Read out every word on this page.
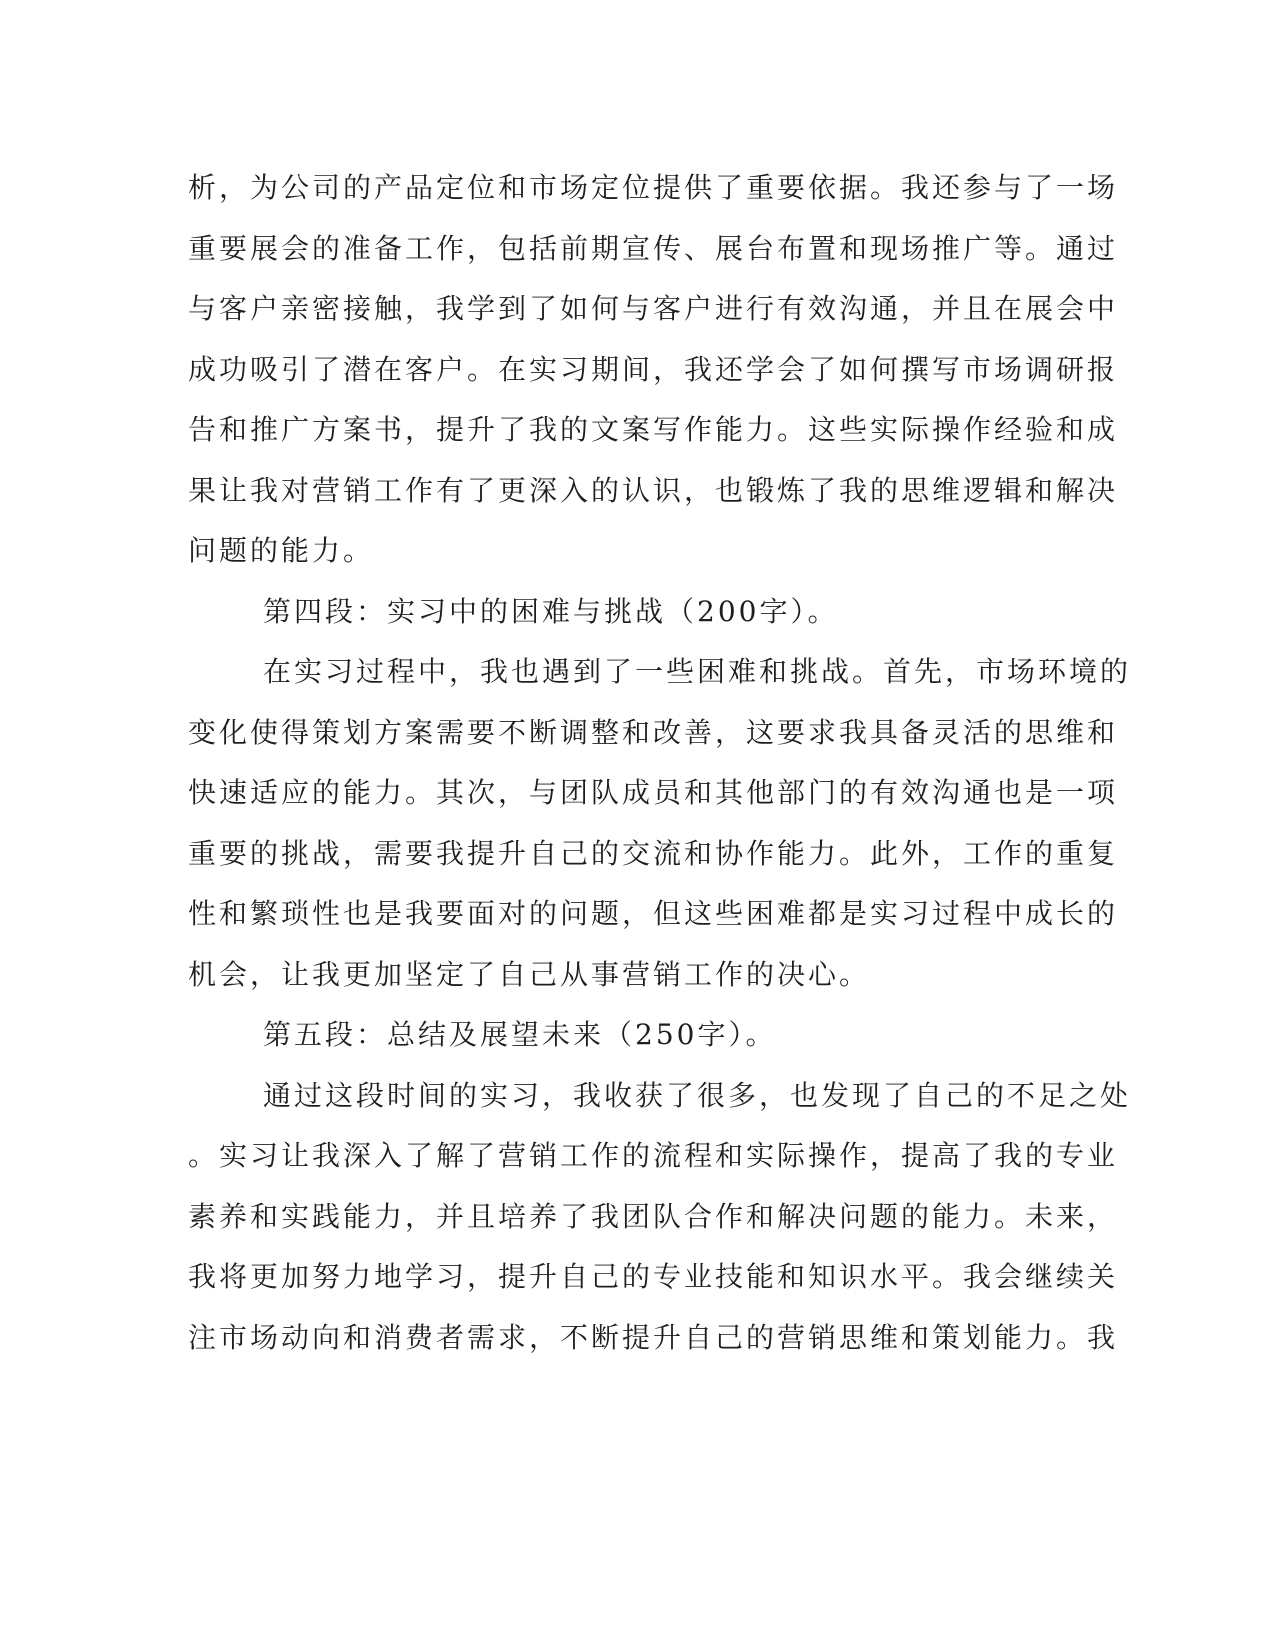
析，为公司的产品定位和市场定位提供了重要依据。我还参与了一场
重要展会的准备工作，包括前期宣传、展台布置和现场推广等。通过
与客户亲密接触，我学到了如何与客户进行有效沟通，并且在展会中
成功吸引了潜在客户。在实习期间，我还学会了如何撰写市场调研报
告和推广方案书，提升了我的文案写作能力。这些实际操作经验和成
果让我对营销工作有了更深入的认识，也锻炼了我的思维逻辑和解决
问题的能力。
第四段：实习中的困难与挑战（200字）。
在实习过程中，我也遇到了一些困难和挑战。首先，市场环境的
变化使得策划方案需要不断调整和改善，这要求我具备灵活的思维和
快速适应的能力。其次，与团队成员和其他部门的有效沟通也是一项
重要的挑战，需要我提升自己的交流和协作能力。此外，工作的重复
性和繁琐性也是我要面对的问题，但这些困难都是实习过程中成长的
机会，让我更加坚定了自己从事营销工作的决心。
第五段：总结及展望未来（250字）。
通过这段时间的实习，我收获了很多，也发现了自己的不足之处
。实习让我深入了解了营销工作的流程和实际操作，提高了我的专业
素养和实践能力，并且培养了我团队合作和解决问题的能力。未来，
我将更加努力地学习，提升自己的专业技能和知识水平。我会继续关
注市场动向和消费者需求，不断提升自己的营销思维和策划能力。我
